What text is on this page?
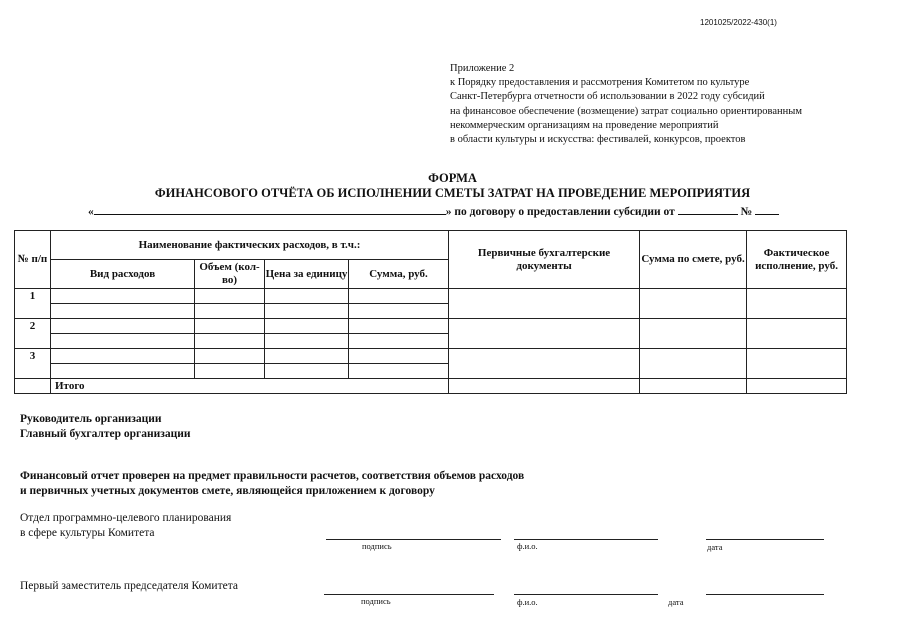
1201025/2022-430(1)
Приложение 2
к Порядку предоставления и рассмотрения Комитетом по культуре
Санкт-Петербурга отчетности об использовании в 2022 году субсидий
на финансовое обеспечение (возмещение) затрат социально ориентированным
некоммерческим организациям на проведение мероприятий
в области культуры и искусства: фестивалей, конкурсов, проектов
ФОРМА
ФИНАНСОВОГО ОТЧЁТА ОБ ИСПОЛНЕНИИ СМЕТЫ ЗАТРАТ НА ПРОВЕДЕНИЕ МЕРОПРИЯТИЯ
«	» по договору о предоставлении субсидии от	№
№ п/п	Наименование фактических расходов, в т.ч.:				Первичные бухгалтерские документы	Сумма по смете, руб.	Фактическое исполнение, руб.
	Вид расходов	Объем (кол-во)	Цена за единицу	Сумма, руб.			
1							

2							

3							

	Итого						
Руководитель организации
Главный бухгалтер организации
Финансовый отчет проверен на предмет правильности расчетов, соответствия объемов расходов
и первичных учетных документов смете, являющейся приложением к договору
Отдел программно-целевого планирования
в сфере культуры Комитета
подпись	ф.и.о.	дата
Первый заместитель председателя Комитета
подпись	ф.и.о.	дата
